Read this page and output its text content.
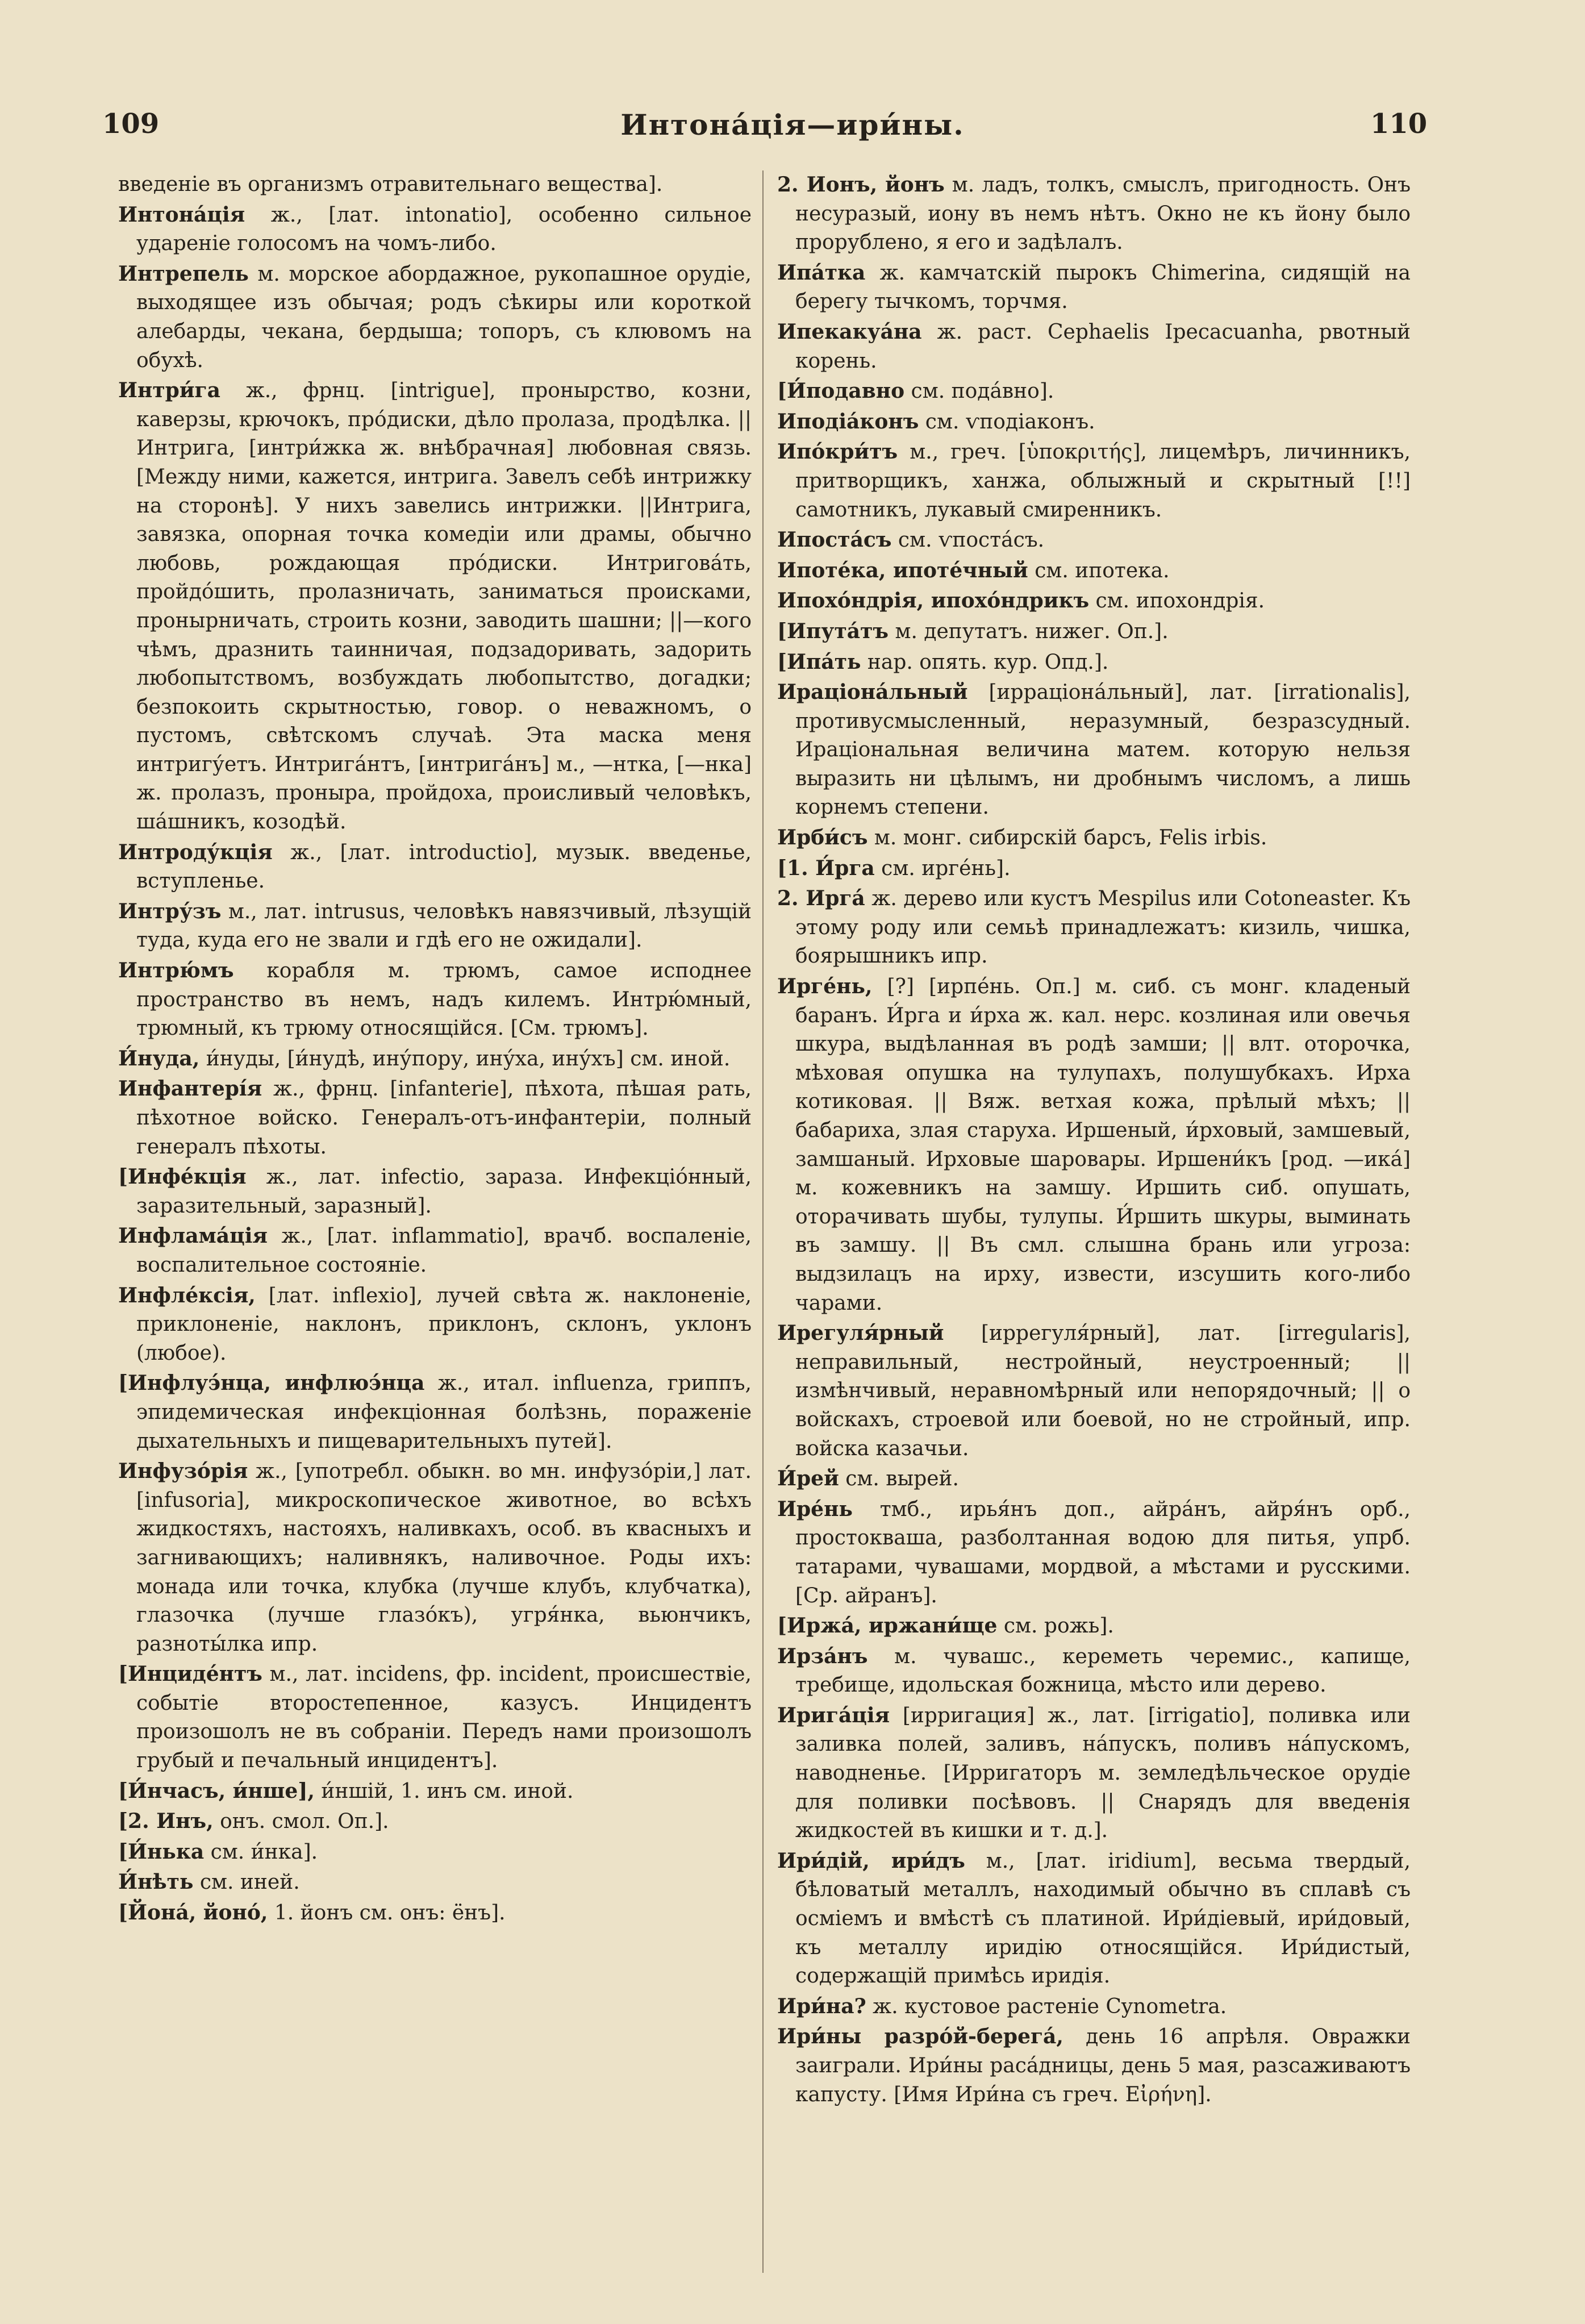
109	Интона́ція—ири́ны.	110

введеніе въ организмъ отравительнаго вещества].

Интона́ція ж., [лат. intonatio], особенно сильное удареніе голосомъ на чомъ-либо.

Интрепель м. морское абордажное, рукопашное орудіе, выходящее изъ обычая; родъ сѣкиры или короткой алебарды, чекана, бердыша; топоръ, съ клювомъ на обухѣ.

Интри́га ж., фрнц. [intrigue], пронырство, козни, каверзы, крючокъ, про́диски, дѣло пролаза, продѣлка. || Интрига, [интри́жка ж. внѣбрачная] любовная связь. [Между ними, кажется, интрига. Завелъ себѣ интрижку на сторонѣ]. У нихъ завелись интрижки. ||Интрига, завязка, опорная точка комедіи или драмы, обычно любовь, рождающая про́диски. Интригова́ть, пройдо́шить, пролазничать, заниматься происками, пронырничать, строить козни, заводить шашни; ||—кого чѣмъ, дразнить таинничая, подзадоривать, задорить любопытствомъ, возбуждать любопытство, догадки; безпокоить скрытностью, говор. о неважномъ, о пустомъ, свѣтскомъ случаѣ. Эта маска меня интригу́етъ. Интрига́нтъ, [интрига́нъ] м., —нтка, [—нка] ж. пролазъ, пронырa, пройдоха, происливый человѣкъ, ша́шникъ, козодѣй.

Интроду́кція ж., [лат. introductio], музык. введенье, вступленье.

Интру́зъ м., лат. intrusus, человѣкъ навязчивый, лѣзущій туда, куда его не звали и гдѣ его не ожидали].

Интрю́мъ корабля м. трюмъ, самое исподнее пространство въ немъ, надъ килемъ. Интрю́мный, трюмный, къ трюму относящійся. [См. трюмъ].

И́нуда, и́нуды, [и́нудѣ, ину́пору, ину́ха, ину́хъ] см. иной.

Инфантері́я ж., фрнц. [infanterie], пѣхота, пѣшая рать, пѣхотное войско. Генералъ-отъ-инфантеріи, полный генералъ пѣхоты.

[Инфе́кція ж., лат. infectio, зараза. Инфекціо́нный, заразительный, заразный].

Инфлама́ція ж., [лат. inflammatio], врачб. воспаленіе, воспалительное состояніе.

Инфле́ксія, [лат. inflexio], лучей свѣта ж. наклоненіе, приклоненіе, наклонъ, приклонъ, склонъ, уклонъ (любое).

[Инфлуэ́нца, инфлюэ́нца ж., итал. influenza, гриппъ, эпидемическая инфекціонная болѣзнь, пораженіе дыхательныхъ и пищеварительныхъ путей].

Инфузо́рія ж., [употребл. обыкн. во мн. инфузо́ріи,] лат. [infusoria], микроскопическое животное, во всѣхъ жидкостяхъ, настояхъ, наливкахъ, особ. въ квасныхъ и загнивающихъ; наливнякъ, наливочное. Роды ихъ: монада или точка, клубка (лучше клубъ, клубчатка), глазочка (лучше глазо́къ), угря́нка, вьюнчикъ, разноты́лка ипр.

[Инциде́нтъ м., лат. incidens, фр. incident, происшествіе, событіе второстепенное, казусъ. Инцидентъ произошолъ не въ собраніи. Передъ нами произошолъ грубый и печальный инцидентъ].

[И́нчасъ, и́нше], и́ншій, 1. инъ см. иной.

[2. Инъ, онъ. смол. Оп.].

[И́нька см. и́нка].

И́нѣть см. иней.

[Йона́, йоно́, 1. йонъ см. онъ: ёнъ].

2. Ионъ, йонъ м. ладъ, толкъ, смыслъ, пригодность. Онъ несуразый, иону въ немъ нѣтъ. Окно не къ йону было прорублено, я его и задѣлалъ.

Ипа́тка ж. камчатскій пырокъ Chimerina, сидящій на берегу тычкомъ, торчмя.

Ипекакуа́на ж. раст. Cephaelis Ipecacuanha, рвотный корень.

[И́подавно см. пода́вно].

Иподіа́конъ см. ѵподіаконъ.

Ипо́кри́тъ м., греч. [ὑποκριτής], лицемѣръ, личинникъ, притворщикъ, ханжа, облыжный и скрытный [!!] самотникъ, лукавый смиренникъ.

Ипоста́съ см. ѵпоста́съ.

Ипоте́ка, ипоте́чный см. ипотека.

Ипохо́ндрія, ипохо́ндрикъ см. ипохондрія.

[Ипута́тъ м. депутатъ. нижег. Оп.].

[Ипа́ть нар. опять. кур. Опд.].

Ираціона́льный [ирраціона́льный], лат. [irrationalis], противусмысленный, неразумный, безразсудный. Ираціональная величина матем. которую нельзя выразить ни цѣлымъ, ни дробнымъ числомъ, а лишь корнемъ степени.

Ирби́съ м. монг. сибирскій барсъ, Felis irbis.

[1. И́рга см. ирге́нь].

2. Ирга́ ж. дерево или кустъ Mespilus или Cotoneaster. Къ этому роду или семьѣ принадлежатъ: кизиль, чишка, боярышникъ ипр.

Ирге́нь, [?] [ирпе́нь. Оп.] м. сиб. съ монг. кладеный баранъ. И́рга и и́рха ж. кал. нерс. козлиная или овечья шкура, выдѣланная въ родѣ замши; || влт. оторочка, мѣховая опушка на тулупахъ, полушубкахъ. Ирха котиковая. || Вяж. ветхая кожа, прѣлый мѣхъ; || бабариха, злая старуха. Иршеный, и́рховый, замшевый, замшаный. Ирховые шаровары. Иршени́къ [род. —ика́] м. кожевникъ на замшу. Иршить сиб. опушать, оторачивать шубы, тулупы. И́ршить шкуры, выминать въ замшу. || Въ смл. слышна брань или угроза: выдзилацъ на ирху, извести, изсушить кого-либо чарами.

Ирегуля́рный [иррегуля́рный], лат. [irregularis], неправильный, нестройный, неустроенный; || измѣнчивый, неравномѣрный или непорядочный; || о войскахъ, строевой или боевой, но не стройный, ипр. войска казачьи.

И́рей см. вырей.

Ире́нь тмб., ирья́нъ доп., айра́нъ, айря́нъ орб., простокваша, разболтанная водою для питья, упрб. татарами, чувашами, мордвой, а мѣстами и русскими. [Ср. айранъ].

[Иржа́, иржани́ще см. рожь].

Ирза́нъ м. чувашс., кереметь черемис., капище, требище, идольская божница, мѣсто или дерево.

Ирига́ція [ирригация] ж., лат. [irrigatio], поливка или заливка полей, заливъ, на́пускъ, поливъ на́пускомъ, наводненье. [Ирригаторъ м. земледѣльческое орудіе для поливки посѣвовъ. || Снарядъ для введенія жидкостей въ кишки и т. д.].

Ири́дій, ири́дъ м., [лат. iridium], весьма твердый, бѣловатый металлъ, находимый обычно въ сплавѣ съ осміемъ и вмѣстѣ съ платиной. Ири́діевый, ири́довый, къ металлу иридію относящійся. Ири́дистый, содержащій примѣсь иридія.

Ири́на? ж. кустовое растеніе Cynometra.

Ири́ны разро́й-берега́, день 16 апрѣля. Овражки заиграли. Ири́ны раса́дницы, день 5 мая, разсаживаютъ капусту. [Имя Ири́на съ греч. Εἰρήνη].
